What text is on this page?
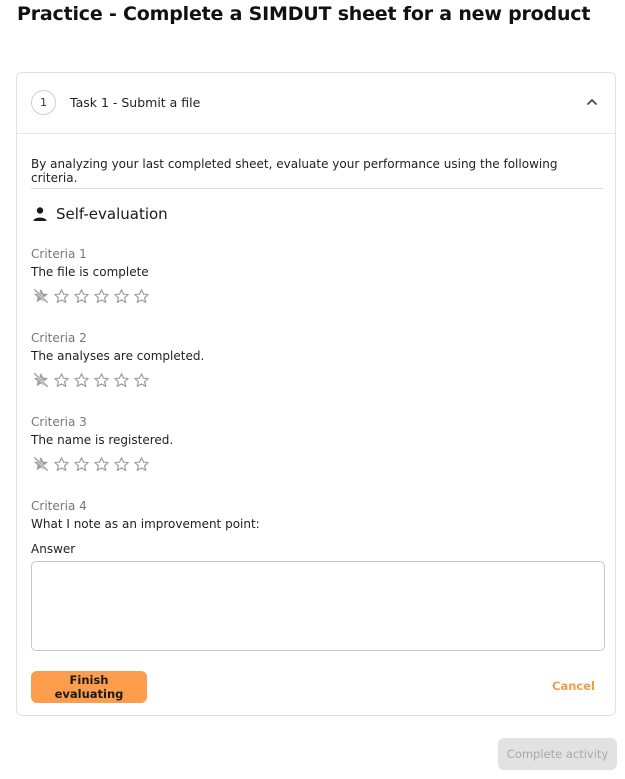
Practice - Complete a SIMDUT sheet for a new product
1	Task 1 - Submit a file

By analyzing your last completed sheet, evaluate your performance using the following criteria.

Self-evaluation

Criteria 1

The file is complete

Criteria 2

The analyses are completed.

Criteria 3

The name is registered.

Criteria 4

What I note as an improvement point:

Answer

Finish evaluating
Cancel
Complete activity
